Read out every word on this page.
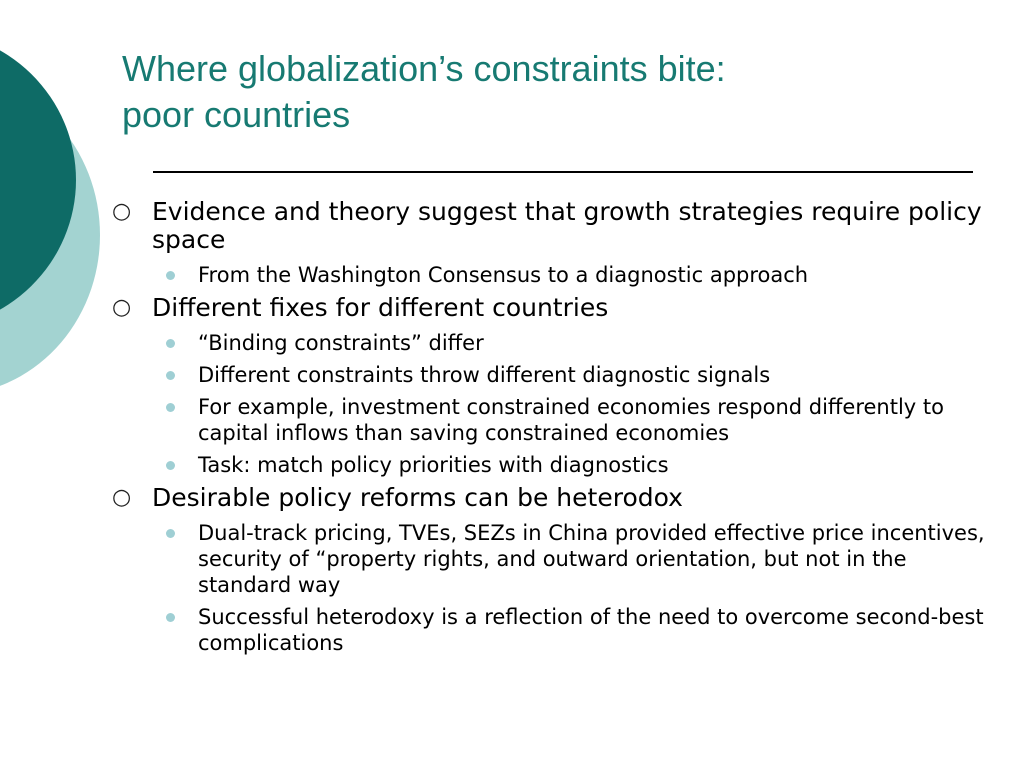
Where globalization’s constraints bite:
poor countries
○ Evidence and theory suggest that growth strategies require policy space
From the Washington Consensus to a diagnostic approach
○ Different fixes for different countries
“Binding constraints” differ
Different constraints throw different diagnostic signals
For example, investment constrained economies respond differently to capital inflows than saving constrained economies
Task: match policy priorities with diagnostics
○ Desirable policy reforms can be heterodox
Dual-track pricing, TVEs, SEZs in China provided effective price incentives, security of “property rights, and outward orientation, but not in the standard way
Successful heterodoxy is a reflection of the need to overcome second-best complications
